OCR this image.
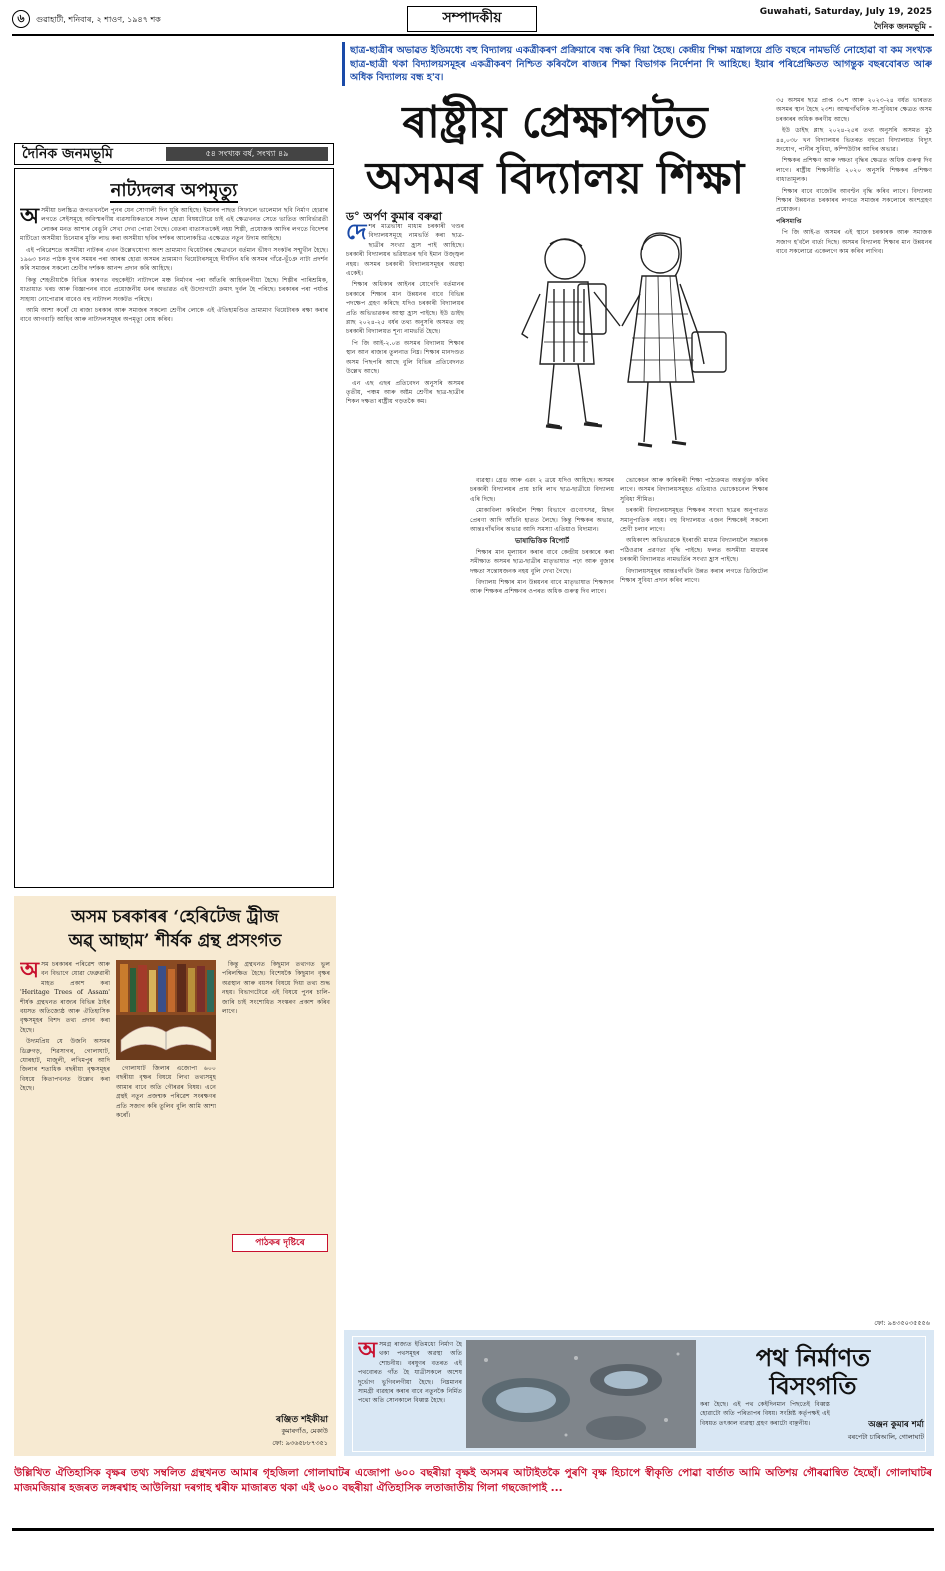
৬	গুৱাহাটী, শনিবাৰ, ২ শাওণ, ১৯৪৭ শক	সম্পাদকীয়	Guwahati, Saturday, July 19, 2025
দৈনিক জনমভূমি -
দৈনিক জনমভূমি	৫৪ সংখ্যক বৰ্ষ, সংখ্যা ৪৯
নাট্যদলৰ অপমৃত্যু
অ সমীয়া চলচ্চিত্ৰ জগতখনলৈ পুনৰ যেন সোণালী দিন ঘূৰি আহিছে। ইমানৰ পাছত সিফালে ভালেমান ছবি নিৰ্মাণ হোৱাৰ লগতে সেইসমূহে অবিস্মৰণীয় ব্যৱসায়িকতাৰে সফল হোৱা বিষয়টোৱে চাই এই ক্ষেত্ৰখনত সেতে ভাতিত আবিৰ্ভাৱতী লোকৰ মনত আশাৰ বেঙুনি সেখা দেখা পোৱা গৈছে। বেতৰা বাতাসতকেই নহয় শিল্পী, প্ৰযোজক আদিৰ লগতে বিদেশৰ মাটিতো অসমীয়া চিনেমাৰ মুক্তি লাভ কৰা অসমীয়া ছবিৰ দৰ্শকৰ আলোকচিত্ৰ এক্ষেত্ৰত নতুন উদ্যম আহিছে।

এই পৰিৱেশতে অসমীয়া নাটকৰ এখন উল্লেখযোগ্য অংশ ভ্ৰাম্যমাণ থিয়েটাৰৰ ক্ষেত্ৰখনে বৰ্তমান ভীষণ সংকটৰ সন্মুখীন হৈছে। ১৯৬৩ চনত পাঠক যুগৰ সময়ৰ পৰা আৰম্ভ হোৱা অসমৰ ভ্ৰাম্যমাণ থিয়েটাৰসমূহে দীৰ্ঘদিন ধৰি অসমৰ গাঁৱে-ভূঁঞে নাট্য প্ৰদৰ্শন কৰি সমাজৰ সকলো শ্ৰেণীৰ দৰ্শকক আনন্দ প্ৰদান কৰি আহিছে।

কিন্তু শেহতীয়াকৈ বিভিন্ন কাৰণত বহুকেইটা নাট্যদলে মঞ্চ নিৰ্মাণৰ পৰা আঁতৰি আহিবলগীয়া হৈছে। শিল্পীৰ পাৰিশ্ৰমিক, যাতায়াত খৰচ আৰু বিজ্ঞাপনৰ বাবে প্ৰয়োজনীয় ধনৰ অভাৱত এই উদ্যোগটো ক্ৰমাৎ দুৰ্বল হৈ পৰিছে। চৰকাৰৰ পৰা পৰ্যাপ্ত সাহায্য নোপোৱাৰ বাবেও বহু নাট্যদল সংকটত পৰিছে।

আমি আশা কৰোঁ যে ৰাজ্য চৰকাৰ আৰু সমাজৰ সকলো শ্ৰেণীৰ লোকে এই ঐতিহ্যমণ্ডিত ভ্ৰাম্যমাণ থিয়েটাৰক ৰক্ষা কৰাৰ বাবে আগবাঢ়ি আহিব আৰু নাট্যদলসমূহৰ অপমৃত্যু ৰোধ কৰিব।

অসম চৰকাৰৰ ‘হেৰিটেজ ট্ৰীজ
অৱ্ আছাম’ শীৰ্ষক গ্ৰন্থ প্ৰসংগত
অ সম চৰকাৰৰ পৰিৱেশ আৰু বন বিভাগে যোৱা ফেব্ৰুৱাৰী মাহত প্ৰকাশ কৰা 'Heritage Trees of Assam' শীৰ্ষক গ্ৰন্থখনত ৰাজ্যৰ বিভিন্ন ঠাইৰ বয়সত অতিজ্যেষ্ঠ আৰু ঐতিহাসিক বৃক্ষসমূহৰ বিশদ তথ্য প্ৰদান কৰা হৈছে।

উদ্যমপ্ৰিয় যে উজনি অসমৰ ডিব্ৰুগড়, শিৱসাগৰ, গোলাঘাট, যোৰহাট, মাজুলী, লখিমপুৰ আদি জিলাৰ শতাধিক বছৰীয়া বৃক্ষসমূহৰ বিষয়ে কিতাপখনত উল্লেখ কৰা হৈছে।

গোলাঘাট জিলাৰ এজোপা ৬০০ বছৰীয়া বৃক্ষৰ বিষয়ে লিখা তথ্যসমূহ আমাৰ বাবে অতি গৌৰৱৰ বিষয়। এনে গ্ৰন্থই নতুন প্ৰজন্মক পৰিৱেশ সংৰক্ষণৰ প্ৰতি সজাগ কৰি তুলিব বুলি আমি আশা কৰোঁ।

কিন্তু গ্ৰন্থখনত কিছুমান তথ্যগত ভুল পৰিলক্ষিত হৈছে। বিশেষকৈ কিছুমান বৃক্ষৰ অৱস্থান আৰু বয়সৰ বিষয়ে দিয়া তথ্য শুদ্ধ নহয়। বিভাগটোৱে এই বিষয়ে পুনৰ চালি-জাৰি চাই সংশোধিত সংস্কৰণ প্ৰকাশ কৰিব লাগে।

পাঠকৰ দৃষ্টিৰে
ৰঞ্জিত শইকীয়া
কুমাৰগাঁও, মেকাউ
ফো: ৯৩৬৫৮৮৭৩৫১
ছাত্ৰ-ছাত্ৰীৰ অভাৱত ইতিমধ্যে বহু বিদ্যালয় একত্ৰীকৰণ প্ৰক্ৰিয়াৰে বন্ধ কৰি দিয়া হৈছে। কেন্দ্ৰীয় শিক্ষা মন্ত্ৰালয়ে প্ৰতি বছৰে নামভৰ্তি নোহোৱা বা কম সংখ্যক ছাত্ৰ-ছাত্ৰী থকা বিদ্যালয়সমূহৰ একত্ৰীকৰণ নিশ্চিত কৰিবলৈ ৰাজ্যৰ শিক্ষা বিভাগক নিৰ্দেশনা দি আহিছে। ইয়াৰ পৰিপ্ৰেক্ষিতত আগন্তুক বছৰবোৰত আৰু অধিক বিদ্যালয় বন্ধ হ'ব।
ৰাষ্ট্ৰীয় প্ৰেক্ষাপটত
অসমৰ বিদ্যালয় শিক্ষা
ড° অৰ্পণ কুমাৰ বৰুৱা
দে শৰ মাত্ৰভাষা মাধ্যম চৰকাৰী খণ্ডৰ বিদ্যালয়সমূহে নামভৰ্তি কৰা ছাত্ৰ-ছাত্ৰীৰ সংখ্যা হ্ৰাস পাই আহিছে। চৰকাৰী বিদ্যালয়ৰ ভৱিষ্যতৰ ছবি ইমান উজ্জ্বল নহয়। অসমৰ চৰকাৰী বিদ্যালয়সমূহৰ অৱস্থা একেই।

শিক্ষাৰ অধিকাৰ আইনৰ যোগেদি বৰ্তমানৰ চৰকাৰে শিক্ষাৰ মান উন্নয়নৰ বাবে বিভিন্ন পদক্ষেপ গ্ৰহণ কৰিছে যদিও চৰকাৰী বিদ্যালয়ৰ প্ৰতি অভিভাৱকৰ আস্থা হ্ৰাস পাইছে। ইউ ডাইছ প্লাছ ২০২৪-২৫ বৰ্ষৰ তথ্য অনুসৰি অসমত বহু চৰকাৰী বিদ্যালয়ত শূন্য নামভৰ্তি হৈছে।

পি জি আই-২.০ত অসমৰ বিদ্যালয় শিক্ষাৰ স্থান আন ৰাজ্যৰ তুলনাত নিম্ন। শিক্ষাৰ মানদণ্ডত অসম পিছপৰি আছে বুলি বিভিন্ন প্ৰতিবেদনত উল্লেখ আছে।

এন এছ এছৰ প্ৰতিবেদন অনুসৰি অসমৰ তৃতীয়, পঞ্চম আৰু অষ্টম শ্ৰেণীৰ ছাত্ৰ-ছাত্ৰীৰ শিকন দক্ষতা ৰাষ্ট্ৰীয় গড়তকৈ কম।

ব্যৱস্থা। গ্ৰেড আৰু এৱং ২ ত্ৰয়ে যদিও আহিছে। অসমৰ চৰকাৰী বিদ্যালয়ৰ প্ৰায় চাৰি লাখ ছাত্ৰ-ছাত্ৰীয়ে বিদ্যালয় এৰি দিছে।

মোকাবিলা কৰিবলৈ শিক্ষা বিভাগে গুণোৎসৱ, মিছন প্ৰেৰণা আদি আঁচনি হাতত লৈছে। কিন্তু শিক্ষকৰ অভাৱ, আন্তঃগাঁথনিৰ অভাৱ আদি সমস্যা এতিয়াও বিদ্যমান।

ভাষাভিত্তিক ৰিপোৰ্ট

শিক্ষাৰ মান মূল্যায়ন কৰাৰ বাবে কেন্দ্ৰীয় চৰকাৰে কৰা সমীক্ষাত অসমৰ ছাত্ৰ-ছাত্ৰীৰ মাতৃভাষাত পঢ়া আৰু বুজাৰ দক্ষতা সন্তোষজনক নহয় বুলি দেখা গৈছে।

বিদ্যালয় শিক্ষাৰ মান উন্নয়নৰ বাবে মাতৃভাষাত শিক্ষাদান আৰু শিক্ষকৰ প্ৰশিক্ষণৰ ওপৰত অধিক গুৰুত্ব দিব লাগে।

ভোকেচন আৰু কাৰিকৰী শিক্ষা পাঠ্যক্ৰমত অন্তৰ্ভুক্ত কৰিব লাগে। অসমৰ বিদ্যালয়সমূহত এতিয়াও ভোকেচনেল শিক্ষাৰ সুবিধা সীমিত।

চৰকাৰী বিদ্যালয়সমূহত শিক্ষকৰ সংখ্যা ছাত্ৰৰ অনুপাতত সমানুপাতিক নহয়। বহু বিদ্যালয়ত এজন শিক্ষকেই সকলো শ্ৰেণী চলাব লাগে।

অধিকাংশ অভিভাৱকে ইংৰাজী মাধ্যম বিদ্যালয়লৈ সন্তানক পঠিওৱাৰ প্ৰৱণতা বৃদ্ধি পাইছে। ফলত অসমীয়া মাধ্যমৰ চৰকাৰী বিদ্যালয়ত নামভৰ্তিৰ সংখ্যা হ্ৰাস পাইছে।

বিদ্যালয়সমূহৰ আন্তঃগাঁথনি উন্নত কৰাৰ লগতে ডিজিটেল শিক্ষাৰ সুবিধা প্ৰদান কৰিব লাগে।

৩৫ অসমৰ ছাত্ৰ প্ৰাপ্ত ৩০শ আৰু ২০২৩-২৪ বৰ্ষত ভাৰতত অসমৰ স্থান হৈছে ২৩শ। আত্মগাঁথনিক সা-সুবিধাৰ ক্ষেত্ৰত অসম চৰকাৰৰ অধিক কৰণীয় আছে।

ইউ ডাইছ প্লাছ ২০২৪-২৫ৰ তথ্য অনুসৰি অসমত মুঠ ৪৪,০৩৮ খন বিদ্যালয়ৰ ভিতৰত বহুতো বিদ্যালয়ত বিদ্যুৎ সংযোগ, পানীৰ সুবিধা, কম্পিউটাৰ আদিৰ অভাৱ।

শিক্ষকৰ প্ৰশিক্ষণ আৰু দক্ষতা বৃদ্ধিৰ ক্ষেত্ৰত অধিক গুৰুত্ব দিব লাগে। ৰাষ্ট্ৰীয় শিক্ষানীতি ২০২০ অনুসৰি শিক্ষকৰ প্ৰশিক্ষণ বাধ্যতামূলক।

শিক্ষাৰ বাবে বাজেটৰ আবণ্টন বৃদ্ধি কৰিব লাগে। বিদ্যালয় শিক্ষাৰ উন্নয়নত চৰকাৰৰ লগতে সমাজৰ সকলোৰে অংশগ্ৰহণ প্ৰয়োজন।

পৰিসমাপ্তি

পি জি আই-ত অসমৰ এই স্থানে চৰকাৰক আৰু সমাজক সজাগ হ'বলৈ বাৰ্তা দিছে। অসমৰ বিদ্যালয় শিক্ষাৰ মান উন্নয়নৰ বাবে সকলোৱে একেলগে কাম কৰিব লাগিব।

ফো: ৯৪৩৫০৩৫৫৫৬
অ সমগ্ৰ ৰাজ্যত ইতিমধ্যে নিৰ্মাণ হৈ থকা পথসমূহৰ অৱস্থা অতি শোচনীয়। বৰষুণৰ বতৰত এই পথবোৰত গাঁত হৈ যাত্ৰীসকলে অশেষ দুৰ্ভোগ ভুগিবলগীয়া হৈছে। নিম্নমানৰ সামগ্ৰী ব্যৱহাৰ কৰাৰ বাবে নতুনকৈ নিৰ্মিত পথো অতি সোনকালে বিধ্বস্ত হৈছে।

কৰা হৈছে। এই পথ কেইদিনমান পিছতেই বিধ্বস্ত হোৱাটো অতি পৰিতাপৰ বিষয়। সংশ্লিষ্ট কৰ্তৃপক্ষই এই বিষয়ত তৎকাল ব্যৱস্থা গ্ৰহণ কৰাটো বাঞ্ছনীয়।

পথ নিৰ্মাণত
বিসংগতি
অঞ্জন কুমাৰ শৰ্মা
বৰপেটা চাৰিআলি, গোলাঘাট
উল্লিখিত ঐতিহাসিক বৃক্ষৰ তথ্য সম্বলিত গ্ৰন্থখনত আমাৰ গৃহজিলা গোলাঘাটৰ এজোপা ৬০০ বছৰীয়া বৃক্ষই অসমৰ আটাইতকৈ পুৰণি বৃক্ষ হিচাপে স্বীকৃতি পোৱা বাৰ্তাত আমি অতিশয় গৌৰৱান্বিত হৈছোঁ। গোলাঘাটৰ মাজমজিয়াৰ হজৰত লঙ্গৰশ্বাহ আউলিয়া দৰগাহ শ্বৰীফ মাজাৰত থকা এই ৬০০ বছৰীয়া ঐতিহাসিক লতাজাতীয় গিলা গছজোপাই ...
